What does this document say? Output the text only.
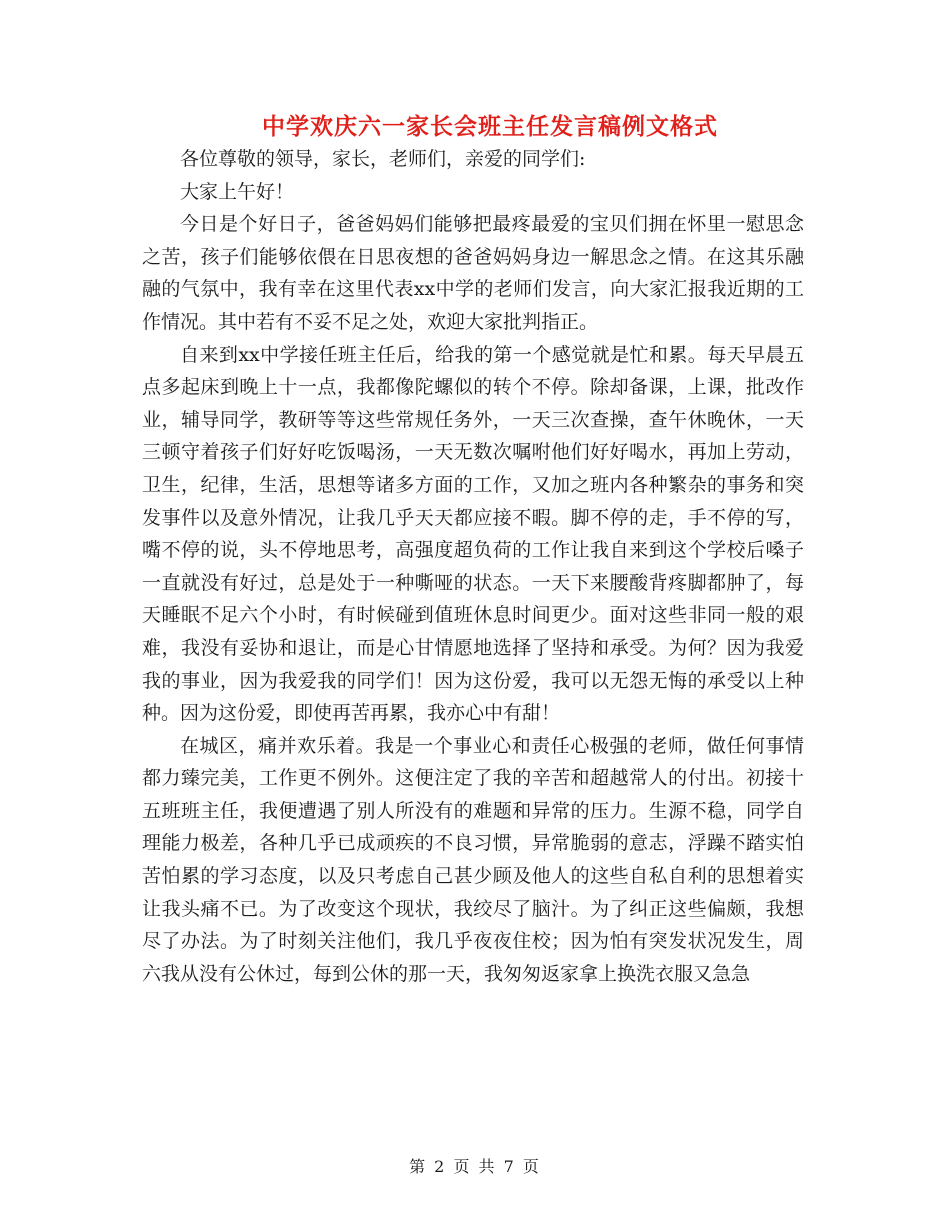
中学欢庆六一家长会班主任发言稿例文格式

各位尊敬的领导，家长，老师们，亲爱的同学们:

大家上午好！

今日是个好日子，爸爸妈妈们能够把最疼最爱的宝贝们拥在怀里一慰思念之苦，孩子们能够依偎在日思夜想的爸爸妈妈身边一解思念之情。在这其乐融融的气氛中，我有幸在这里代表xx中学的老师们发言，向大家汇报我近期的工作情况。其中若有不妥不足之处，欢迎大家批判指正。

自来到xx中学接任班主任后，给我的第一个感觉就是忙和累。每天早晨五点多起床到晚上十一点，我都像陀螺似的转个不停。除却备课，上课，批改作业，辅导同学，教研等等这些常规任务外，一天三次查操，查午休晚休，一天三顿守着孩子们好好吃饭喝汤，一天无数次嘱咐他们好好喝水，再加上劳动，卫生，纪律，生活，思想等诸多方面的工作，又加之班内各种繁杂的事务和突发事件以及意外情况，让我几乎天天都应接不暇。脚不停的走，手不停的写，嘴不停的说，头不停地思考，高强度超负荷的工作让我自来到这个学校后嗓子一直就没有好过，总是处于一种嘶哑的状态。一天下来腰酸背疼脚都肿了，每天睡眠不足六个小时，有时候碰到值班休息时间更少。面对这些非同一般的艰难，我没有妥协和退让，而是心甘情愿地选择了坚持和承受。为何？因为我爱我的事业，因为我爱我的同学们！因为这份爱，我可以无怨无悔的承受以上种种。因为这份爱，即使再苦再累，我亦心中有甜！

在城区，痛并欢乐着。我是一个事业心和责任心极强的老师，做任何事情都力臻完美，工作更不例外。这便注定了我的辛苦和超越常人的付出。初接十五班班主任，我便遭遇了别人所没有的难题和异常的压力。生源不稳，同学自理能力极差，各种几乎已成顽疾的不良习惯，异常脆弱的意志，浮躁不踏实怕苦怕累的学习态度，以及只考虑自己甚少顾及他人的这些自私自利的思想着实让我头痛不已。为了改变这个现状，我绞尽了脑汁。为了纠正这些偏颇，我想尽了办法。为了时刻关注他们，我几乎夜夜住校；因为怕有突发状况发生，周六我从没有公休过，每到公休的那一天，我匆匆返家拿上换洗衣服又急急

第 2 页 共 7 页
